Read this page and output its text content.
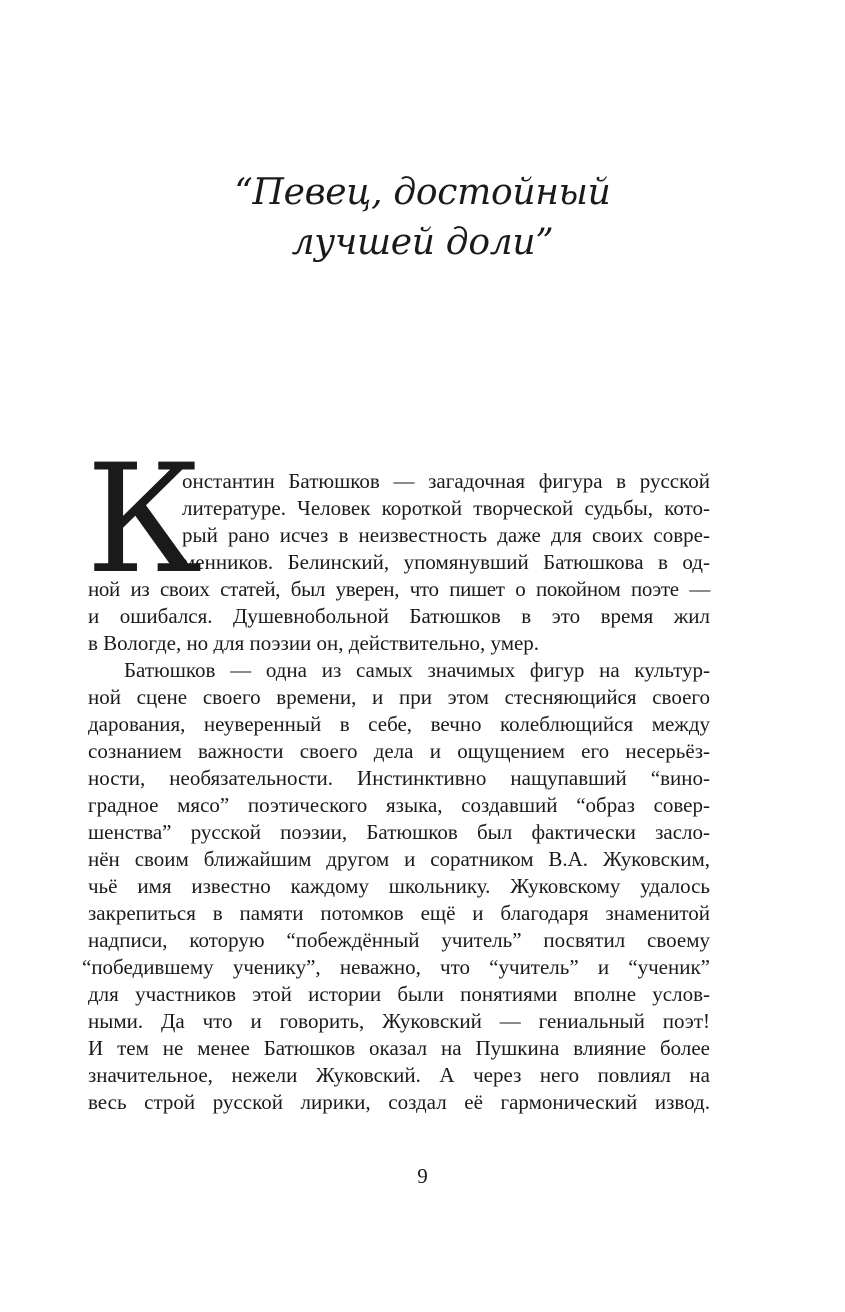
“Певец, достойный
лучшей доли”
К
онстантин Батюшков — загадочная фигура в русской
литературе. Человек короткой творческой судьбы, кото-
рый рано исчез в неизвестность даже для своих совре-
менников. Белинский, упомянувший Батюшкова в од-
ной из своих статей, был уверен, что пишет о покойном поэте —
и ошибался. Душевнобольной Батюшков в это время жил
в Вологде, но для поэзии он, действительно, умер.
Батюшков — одна из самых значимых фигур на культур-
ной сцене своего времени, и при этом стесняющийся своего
дарования, неуверенный в себе, вечно колеблющийся между
сознанием важности своего дела и ощущением его несерьёз-
ности, необязательности. Инстинктивно нащупавший “вино-
градное мясо” поэтического языка, создавший “образ совер-
шенства” русской поэзии, Батюшков был фактически засло-
нён своим ближайшим другом и соратником В.А. Жуковским,
чьё имя известно каждому школьнику. Жуковскому удалось
закрепиться в памяти потомков ещё и благодаря знаменитой
надписи, которую “побеждённый учитель” посвятил своему
“победившему ученику”, неважно, что “учитель” и “ученик”
для участников этой истории были понятиями вполне услов-
ными. Да что и говорить, Жуковский — гениальный поэт!
И тем не менее Батюшков оказал на Пушкина влияние более
значительное, нежели Жуковский. А через него повлиял на
весь строй русской лирики, создал её гармонический извод.
9
